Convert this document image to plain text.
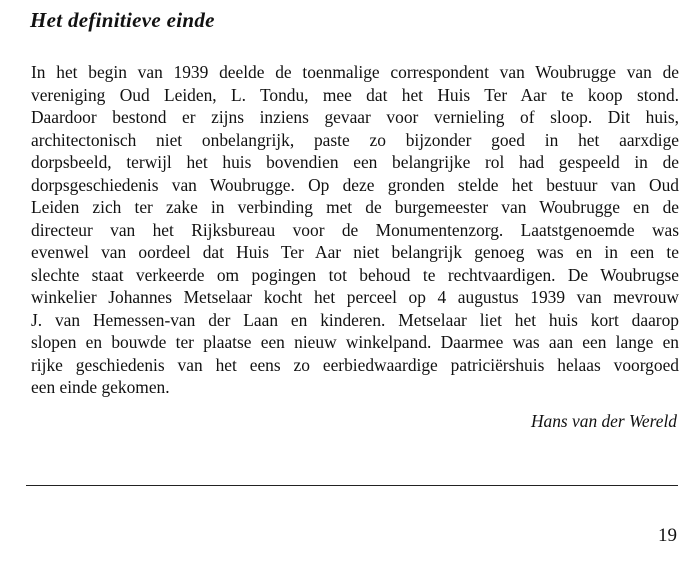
Het definitieve einde
In het begin van 1939 deelde de toenmalige correspondent van Woubrugge van de
vereniging Oud Leiden, L. Tondu, mee dat het Huis Ter Aar te koop stond.
Daardoor bestond er zijns inziens gevaar voor vernieling of sloop. Dit huis,
architectonisch niet onbelangrijk, paste zo bijzonder goed in het aarxdige
dorpsbeeld, terwijl het huis bovendien een belangrijke rol had gespeeld in de
dorpsgeschiedenis van Woubrugge. Op deze gronden stelde het bestuur van Oud
Leiden zich ter zake in verbinding met de burgemeester van Woubrugge en de
directeur van het Rijksbureau voor de Monumentenzorg. Laatstgenoemde was
evenwel van oordeel dat Huis Ter Aar niet belangrijk genoeg was en in een te
slechte staat verkeerde om pogingen tot behoud te rechtvaardigen. De Woubrugse
winkelier Johannes Metselaar kocht het perceel op 4 augustus 1939 van mevrouw
J. van Hemessen-van der Laan en kinderen. Metselaar liet het huis kort daarop
slopen en bouwde ter plaatse een nieuw winkelpand. Daarmee was aan een lange en
rijke geschiedenis van het eens zo eerbiedwaardige patriciërshuis helaas voorgoed
een einde gekomen.

Hans van der Wereld

19
